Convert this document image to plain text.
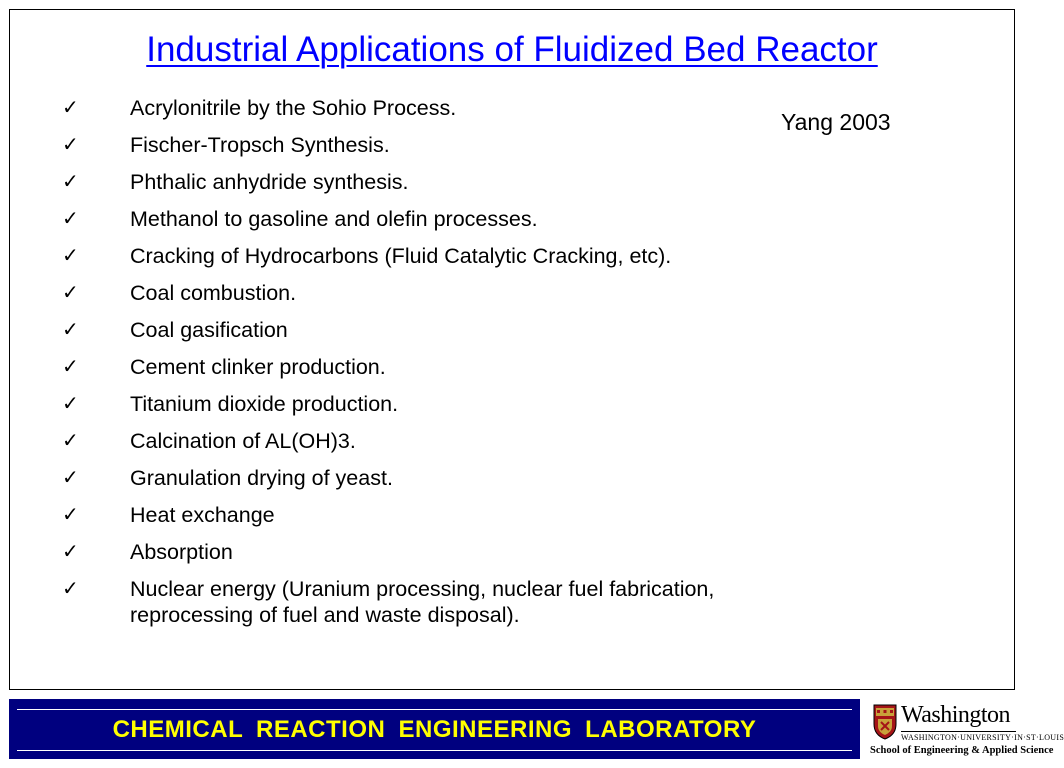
Industrial Applications of Fluidized Bed Reactor
Yang 2003
✓ Acrylonitrile by the Sohio Process.
✓ Fischer-Tropsch Synthesis.
✓ Phthalic anhydride synthesis.
✓ Methanol to gasoline and olefin processes.
✓ Cracking of Hydrocarbons (Fluid Catalytic Cracking, etc).
✓ Coal combustion.
✓ Coal gasification
✓ Cement clinker production.
✓ Titanium dioxide production.
✓ Calcination of AL(OH)3.
✓ Granulation drying of yeast.
✓ Heat exchange
✓ Absorption
✓ Nuclear energy (Uranium processing, nuclear fuel fabrication,
reprocessing of fuel and waste disposal).
CHEMICAL REACTION ENGINEERING LABORATORY
Washington
WASHINGTON·UNIVERSITY·IN·ST·LOUIS
School of Engineering & Applied Science
